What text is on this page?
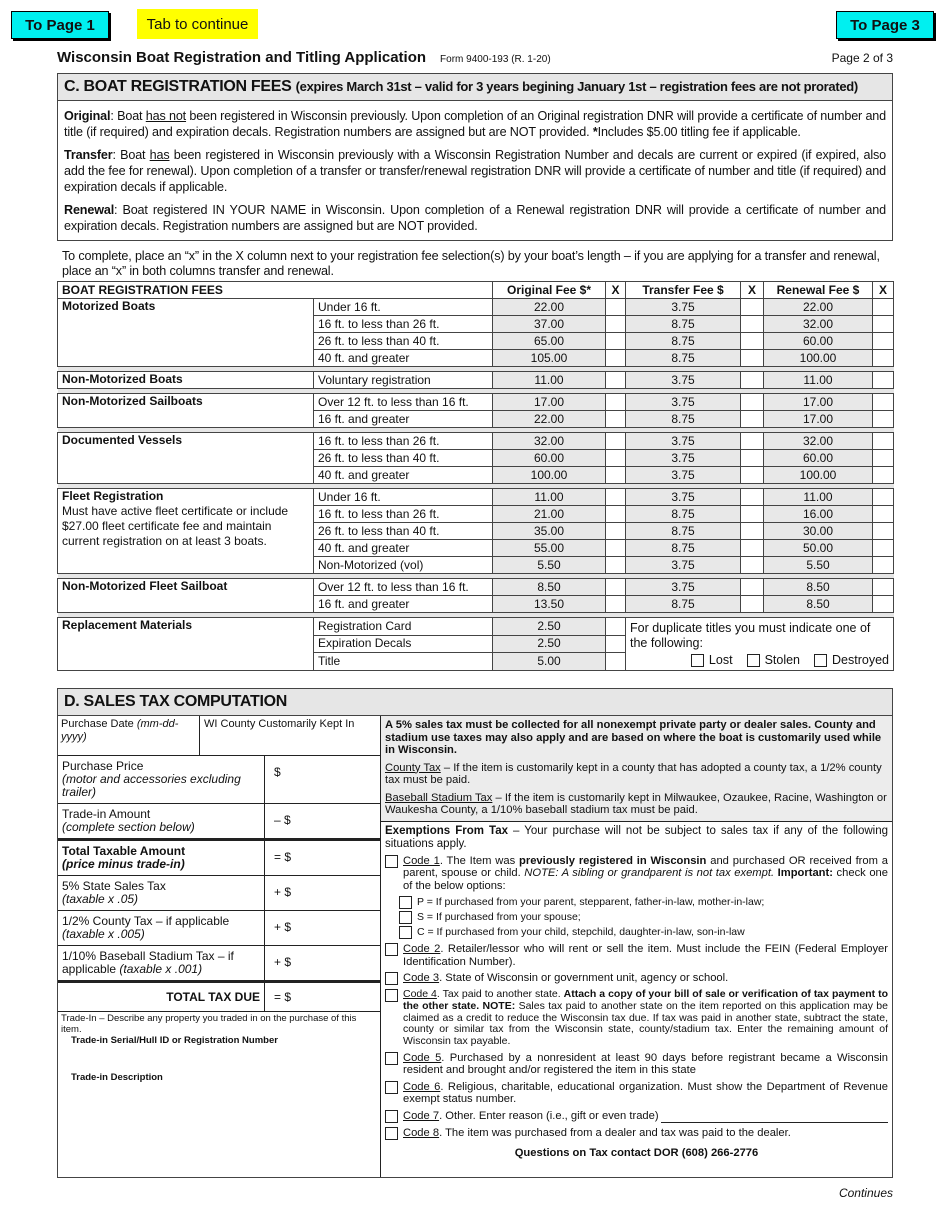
To Page 1	Tab to continue	To Page 3
Wisconsin Boat Registration and Titling Application Form 9400-193 (R. 1-20)	Page 2 of 3
C. BOAT REGISTRATION FEES (expires March 31st – valid for 3 years begining January 1st – registration fees are not prorated)

Original: Boat has not been registered in Wisconsin previously. Upon completion of an Original registration DNR will provide a certificate of number and title (if required) and expiration decals. Registration numbers are assigned but are NOT provided. *Includes $5.00 titling fee if applicable.

Transfer: Boat has been registered in Wisconsin previously with a Wisconsin Registration Number and decals are current or expired (if expired, also add the fee for renewal). Upon completion of a transfer or transfer/renewal registration DNR will provide a certificate of number and title (if required) and expiration decals if applicable.

Renewal: Boat registered IN YOUR NAME in Wisconsin. Upon completion of a Renewal registration DNR will provide a certificate of number and expiration decals. Registration numbers are assigned but are NOT provided.

To complete, place an “x” in the X column next to your registration fee selection(s) by your boat’s length – if you are applying for a transfer and renewal, place an “x” in both columns transfer and renewal.

BOAT REGISTRATION FEES		Original Fee $*	X	Transfer Fee $	X	Renewal Fee $	X

Motorized Boats	Under 16 ft.	22.00		3.75		22.00	
	16 ft. to less than 26 ft.	37.00		8.75		32.00	
	26 ft. to less than 40 ft.	65.00		8.75		60.00	
	40 ft. and greater	105.00		8.75		100.00	

Non-Motorized Boats	Voluntary registration	11.00		3.75		11.00	

Non-Motorized Sailboats	Over 12 ft. to less than 16 ft.	17.00		3.75		17.00	
	16 ft. and greater	22.00		8.75		17.00	

Documented Vessels	16 ft. to less than 26 ft.	32.00		3.75		32.00	
	26 ft. to less than 40 ft.	60.00		3.75		60.00	
	40 ft. and greater	100.00		3.75		100.00	

Fleet Registration
Must have active fleet certificate or include $27.00 fleet certificate fee and maintain current registration on at least 3 boats.	Under 16 ft.	11.00		3.75		11.00	
	16 ft. to less than 26 ft.	21.00		8.75		16.00	
	26 ft. to less than 40 ft.	35.00		8.75		30.00	
	40 ft. and greater	55.00		8.75		50.00	
	Non-Motorized (vol)	5.50		3.75		5.50	

Non-Motorized Fleet Sailboat	Over 12 ft. to less than 16 ft.	8.50		3.75		8.50	
	16 ft. and greater	13.50		8.75		8.50	

Replacement Materials	Registration Card	2.50		For duplicate titles you must indicate one of the following:
Lost Stolen Destroyed			

	Expiration Decals	2.50					
	Title	5.00					
D. SALES TAX COMPUTATION
Purchase Date (mm-dd-yyyy)
WI County Customarily Kept In
Purchase Price
(motor and accessories excluding trailer)
$
Trade-in Amount
(complete section below)	– $
Total Taxable Amount
(price minus trade-in)	= $
5% State Sales Tax
(taxable x .05)	+ $
1/2% County Tax – if applicable
(taxable x .005)	+ $
1/10% Baseball Stadium Tax – if
applicable (taxable x .001)	+ $
TOTAL TAX DUE	= $
Trade-In – Describe any property you traded in on the purchase of this item.
Trade-in Serial/Hull ID or Registration Number
Trade-in Description

A 5% sales tax must be collected for all nonexempt private party or dealer sales. County and stadium use taxes may also apply and are based on where the boat is customarily used while in Wisconsin.

County Tax – If the item is customarily kept in a county that has adopted a county tax, a 1/2% county tax must be paid.

Baseball Stadium Tax – If the item is customarily kept in Milwaukee, Ozaukee, Racine, Washington or Waukesha County, a 1/10% baseball stadium tax must be paid.

Exemptions From Tax – Your purchase will not be subject to sales tax if any of the following situations apply.

Code 1. The Item was previously registered in Wisconsin and purchased OR received from a parent, spouse or child. NOTE: A sibling or grandparent is not tax exempt. Important: check one of the below options:
P = If purchased from your parent, stepparent, father-in-law, mother-in-law;
S = If purchased from your spouse;
C = If purchased from your child, stepchild, daughter-in-law, son-in-law
Code 2. Retailer/lessor who will rent or sell the item. Must include the FEIN (Federal Employer Identification Number).
Code 3. State of Wisconsin or government unit, agency or school.
Code 4. Tax paid to another state. Attach a copy of your bill of sale or verification of tax payment to the other state. NOTE: Sales tax paid to another state on the item reported on this application may be claimed as a credit to reduce the Wisconsin tax due. If tax was paid in another state, subtract the state, county or similar tax from the Wisconsin state, county/stadium tax. Enter the remaining amount of Wisconsin tax payable.
Code 5. Purchased by a nonresident at least 90 days before registrant became a Wisconsin resident and brought and/or registered the item in this state
Code 6. Religious, charitable, educational organization. Must show the Department of Revenue exempt status number.
Code 7. Other. Enter reason (i.e., gift or even trade)
Code 8. The item was purchased from a dealer and tax was paid to the dealer.

Questions on Tax contact DOR (608) 266-2776

Continues
